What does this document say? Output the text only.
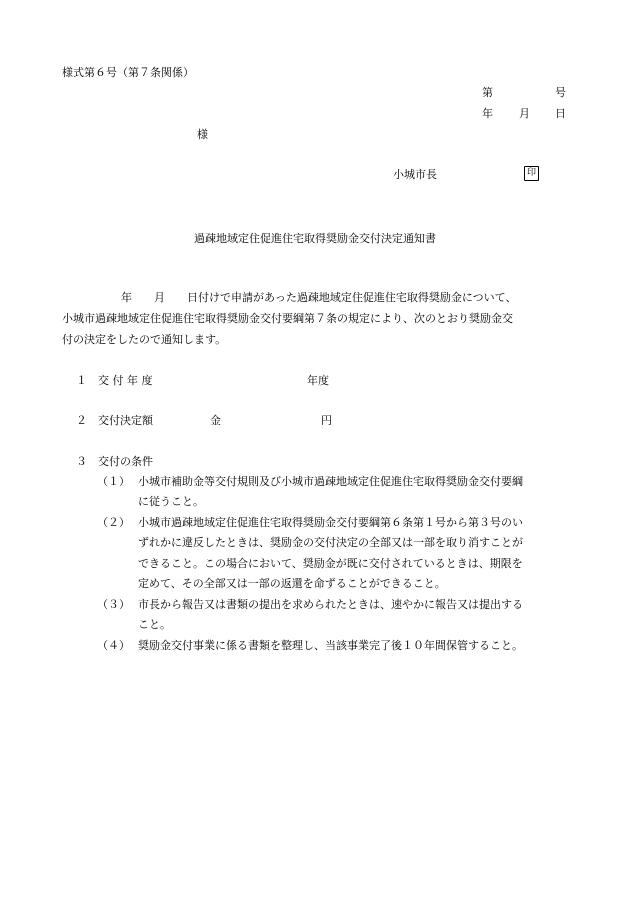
様式第６号（第７条関係）
第	号
年 月 日
様
小城市長	印
過疎地域定住促進住宅取得奨励金交付決定通知書
年　　月　　日付けで申請があった過疎地域定住促進住宅取得奨励金について、
小城市過疎地域定住促進住宅取得奨励金交付要綱第７条の規定により、次のとおり奨励金交
付の決定をしたので通知します。
１ 交 付 年 度	年度
２ 交付決定額	金	円
３ 交付の条件
（１） 小城市補助金等交付規則及び小城市過疎地域定住促進住宅取得奨励金交付要綱
に従うこと。
（２） 小城市過疎地域定住促進住宅取得奨励金交付要綱第６条第１号から第３号のい
ずれかに違反したときは、奨励金の交付決定の全部又は一部を取り消すことが
できること。この場合において、奨励金が既に交付されているときは、期限を
定めて、その全部又は一部の返還を命ずることができること。
（３） 市長から報告又は書類の提出を求められたときは、速やかに報告又は提出する
こと。
（４） 奨励金交付事業に係る書類を整理し、当該事業完了後１０年間保管すること。
